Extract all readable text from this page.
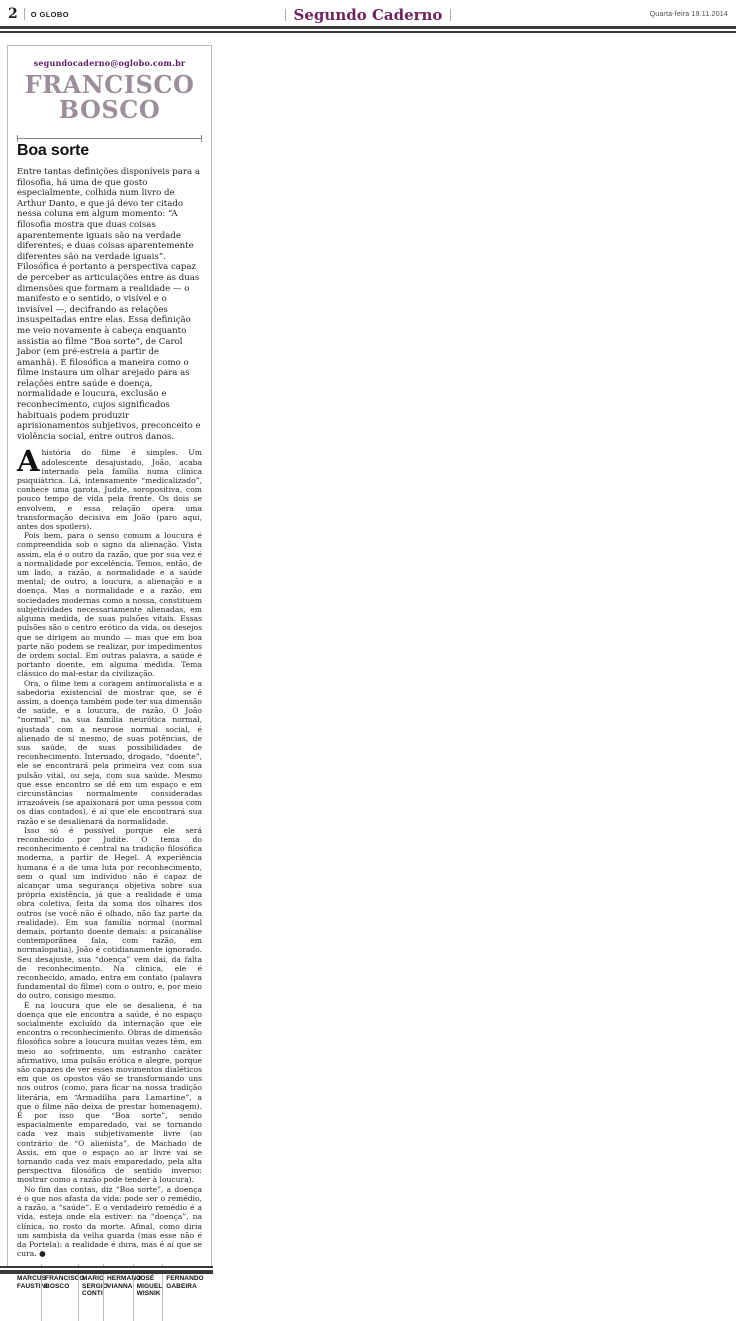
2 O GLOBO	Segundo Caderno	Quarta-feira 19.11.2014
segundocaderno@oglobo.com.br
FRANCISCO BOSCO
Boa sorte
Entre tantas definições disponíveis para a filosofia, há uma de que gosto especialmente, colhida num livro de Arthur Danto, e que já devo ter citado nessa coluna em algum momento: “A filosofia mostra que duas coisas aparentemente iguais são na verdade diferentes; e duas coisas aparentemente diferentes são na verdade iguais”. Filosófica é portanto a perspectiva capaz de perceber as articulações entre as duas dimensões que formam a realidade — o manifesto e o sentido, o visível e o invisível —, decifrando as relações insuspeitadas entre elas. Essa definição me veio novamente à cabeça enquanto assistia ao filme “Boa sorte”, de Carol Jabor (em pré-estreia a partir de amanhã). É filosófica a maneira como o filme instaura um olhar arejado para as relações entre saúde e doença, normalidade e loucura, exclusão e reconhecimento, cujos significados habituais podem produzir aprisionamentos subjetivos, preconceito e violência social, entre outros danos.

Ahistória do filme é simples. Um adolescente desajustado, João, acaba internado pela família numa clínica psiquiátrica. Lá, intensamente “medicalizado”, conhece uma garota, Judite, soropositiva, com pouco tempo de vida pela frente. Os dois se envolvem, e essa relação opera uma transformação decisiva em João (paro aqui, antes dos spoilers).

Pois bem, para o senso comum a loucura é compreendida sob o signo da alienação. Vista assim, ela é o outro da razão, que por sua vez é a normalidade por excelência. Temos, então, de um lado, a razão, a normalidade e a saúde mental; de outro, a loucura, a alienação e a doença. Mas a normalidade e a razão, em sociedades modernas como a nossa, constituem subjetividades necessariamente alienadas, em alguma medida, de suas pulsões vitais. Essas pulsões são o centro erótico da vida, os desejos que se dirigem ao mundo — mas que em boa parte não podem se realizar, por impedimentos de ordem social. Em outras palavra, a saúde é portanto doente, em alguma medida. Tema clássico do mal-estar da civilização.

Ora, o filme tem a coragem antimoralista e a sabedoria existencial de mostrar que, se é assim, a doença também pode ter sua dimensão de saúde, e a loucura, de razão. O João “normal”, na sua família neurótica normal, ajustada com a neurose normal social, é alienado de si mesmo, de suas potências, de sua saúde, de suas possibilidades de reconhecimento. Internado, drogado, “doente”, ele se encontrará pela primeira vez com sua pulsão vital, ou seja, com sua saúde. Mesmo que esse encontro se dê em um espaço e em circunstâncias normalmente consideradas irrazoáveis (se apaixonará por uma pessoa com os dias contados), é aí que ele encontrará sua razão e se desalienará da normalidade.

Isso só é possível porque ele será reconhecido por Judite. O tema do reconhecimento é central na tradição filosófica moderna, a partir de Hegel. A experiência humana é a de uma luta por reconhecimento, sem o qual um indivíduo não é capaz de alcançar uma segurança objetiva sobre sua própria existência, já que a realidade é uma obra coletiva, feita da soma dos olhares dos outros (se você não é olhado, não faz parte da realidade). Em sua família normal (normal demais, portanto doente demais: a psicanálise contemporânea fala, com razão, em normalopatia), João é cotidianamente ignorado. Seu desajuste, sua “doença” vem daí, da falta de reconhecimento. Na clínica, ele é reconhecido, amado, entra em contato (palavra fundamental do filme) com o outro, e, por meio do outro, consigo mesmo.

É na loucura que ele se desaliena, é na doença que ele encontra a saúde, é no espaço socialmente excluído da internação que ele encontra o reconhecimento. Obras de dimensão filosófica sobre a loucura muitas vezes têm, em meio ao sofrimento, um estranho caráter afirmativo, uma pulsão erótica e alegre, porque são capazes de ver esses movimentos dialéticos em que os opostos vão se transformando uns nos outros (como, para ficar na nossa tradição literária, em “Armadilha para Lamartine”, a que o filme não deixa de prestar homenagem). É por isso que “Boa sorte”, sendo espacialmente emparedado, vai se tornando cada vez mais subjetivamente livre (ao contrário de “O alienista”, de Machado de Assis, em que o espaço ao ar livre vai se tornando cada vez mais emparedado, pela alta perspectiva filosófica de sentido inverso: mostrar como a razão pode tender à loucura).

No fim das contas, diz “Boa sorte”, a doença é o que nos afasta da vida: pode ser o remédio, a razão, a “saúde”. E o verdadeiro remédio é a vida, esteja onde ela estiver: na “doença”, na clínica, no rosto da morte. Afinal, como diria um sambista da velha guarda (mas esse não é da Portela): a realidade é dura, mas é aí que se cura. ●

MARCUS FAUSTINI
FRANCISCO BOSCO
MARIO SERGIO CONTI
HERMANO VIANNA
JOSÉ MIGUEL WISNIK
FERNANDO GABEIRA
